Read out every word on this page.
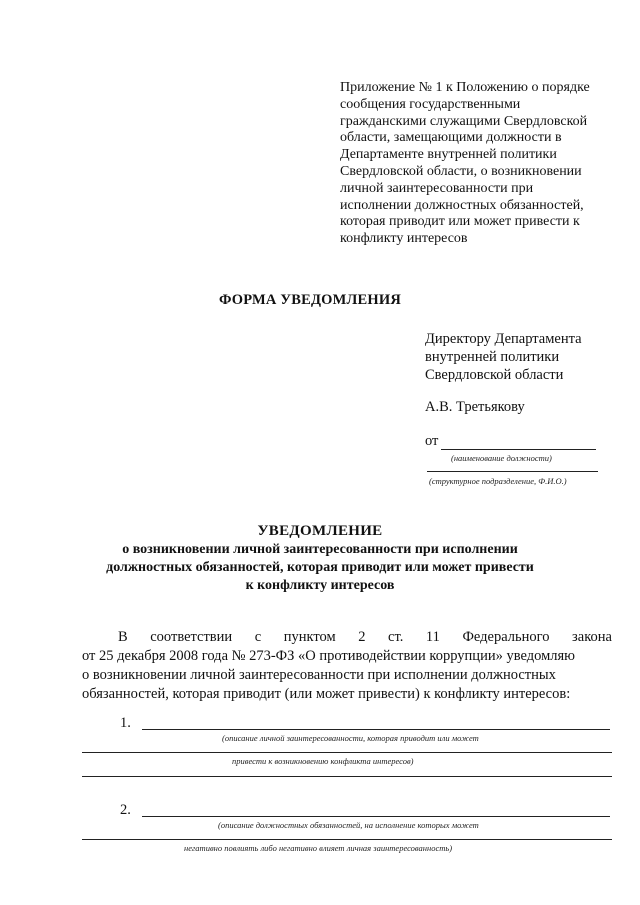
Приложение № 1 к Положению о порядке
сообщения государственными
гражданскими служащими Свердловской
области, замещающими должности в
Департаменте внутренней политики
Свердловской области, о возникновении
личной заинтересованности при
исполнении должностных обязанностей,
которая приводит или может привести к
конфликту интересов
ФОРМА УВЕДОМЛЕНИЯ
Директору Департамента
внутренней политики
Свердловской области
А.В. Третьякову
от
(наименование должности)
(структурное подразделение, Ф.И.О.)
УВЕДОМЛЕНИЕ
о возникновении личной заинтересованности при исполнении
должностных обязанностей, которая приводит или может привести
к конфликту интересов
В соответствии с пунктом 2 ст. 11 Федерального закона
от 25 декабря 2008 года № 273-ФЗ «О противодействии коррупции» уведомляю
о возникновении личной заинтересованности при исполнении должностных
обязанностей, которая приводит (или может привести) к конфликту интересов:
1.
(описание личной заинтересованности, которая приводит или может
привести к возникновению конфликта интересов)
2.
(описание должностных обязанностей, на исполнение которых может
негативно повлиять либо негативно влияет личная заинтересованность)
